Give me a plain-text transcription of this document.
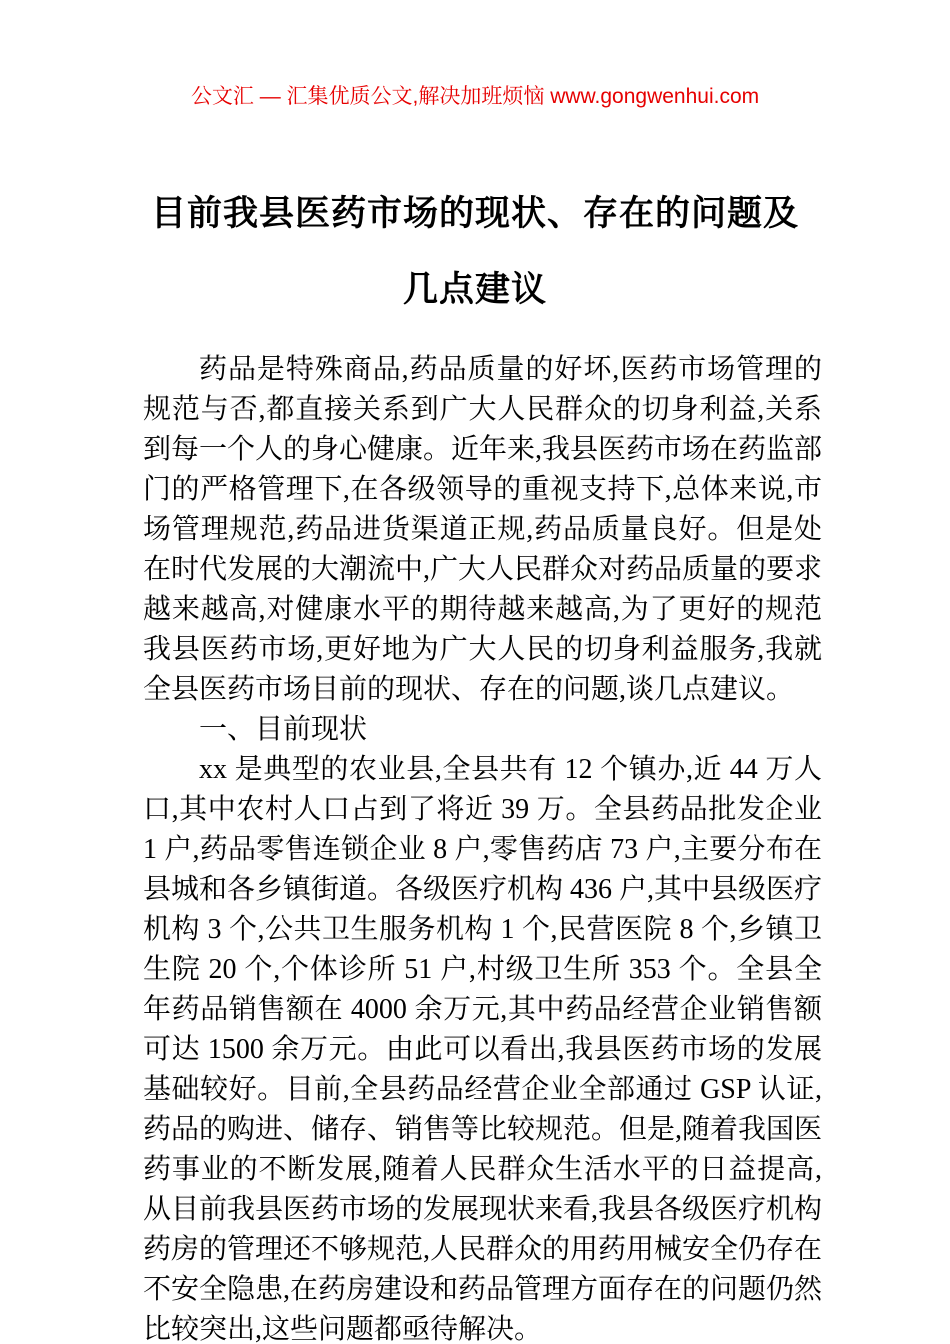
公文汇 — 汇集优质公文,解决加班烦恼 www.gongwenhui.com
目前我县医药市场的现状、存在的问题及
几点建议

药品是特殊商品,药品质量的好坏,医药市场管理的规范与否,都直接关系到广大人民群众的切身利益,关系到每一个人的身心健康。近年来,我县医药市场在药监部门的严格管理下,在各级领导的重视支持下,总体来说,市场管理规范,药品进货渠道正规,药品质量良好。但是处在时代发展的大潮流中,广大人民群众对药品质量的要求越来越高,对健康水平的期待越来越高,为了更好的规范我县医药市场,更好地为广大人民的切身利益服务,我就全县医药市场目前的现状、存在的问题,谈几点建议。

一、目前现状

xx 是典型的农业县,全县共有 12 个镇办,近 44 万人口,其中农村人口占到了将近 39 万。全县药品批发企业 1 户,药品零售连锁企业 8 户,零售药店 73 户,主要分布在县城和各乡镇街道。各级医疗机构 436 户,其中县级医疗机构 3 个,公共卫生服务机构 1 个,民营医院 8 个,乡镇卫生院 20 个,个体诊所 51 户,村级卫生所 353 个。全县全年药品销售额在 4000 余万元,其中药品经营企业销售额可达 1500 余万元。由此可以看出,我县医药市场的发展基础较好。目前,全县药品经营企业全部通过 GSP 认证,药品的购进、储存、销售等比较规范。但是,随着我国医药事业的不断发展,随着人民群众生活水平的日益提高,从目前我县医药市场的发展现状来看,我县各级医疗机构药房的管理还不够规范,人民群众的用药用械安全仍存在不安全隐患,在药房建设和药品管理方面存在的问题仍然比较突出,这些问题都亟待解决。
